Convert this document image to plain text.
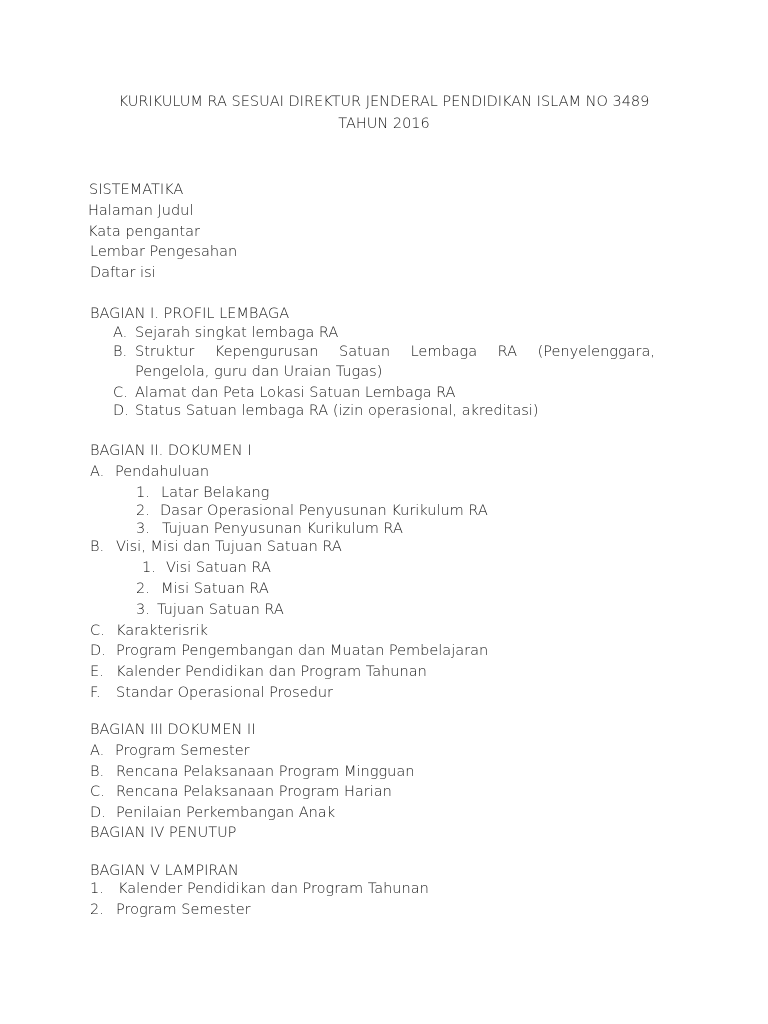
KURIKULUM RA SESUAI DIREKTUR JENDERAL PENDIDIKAN ISLAM NO 3489
TAHUN 2016
SISTEMATIKA
Halaman Judul
Kata pengantar
Lembar Pengesahan
Daftar isi
BAGIAN I. PROFIL LEMBAGA
A. Sejarah singkat lembaga RA
B. Struktur Kepengurusan Satuan Lembaga RA (Penyelenggara,
Pengelola, guru dan Uraian Tugas)
C. Alamat dan Peta Lokasi Satuan Lembaga RA
D. Status Satuan lembaga RA (izin operasional, akreditasi)
BAGIAN II. DOKUMEN I
A. Pendahuluan
1. Latar Belakang
2. Dasar Operasional Penyusunan Kurikulum RA
3. Tujuan Penyusunan Kurikulum RA
B. Visi, Misi dan Tujuan Satuan RA
1. Visi Satuan RA
2. Misi Satuan RA
3. Tujuan Satuan RA
C. Karakterisrik
D. Program Pengembangan dan Muatan Pembelajaran
E. Kalender Pendidikan dan Program Tahunan
F. Standar Operasional Prosedur
BAGIAN III DOKUMEN II
A. Program Semester
B. Rencana Pelaksanaan Program Mingguan
C. Rencana Pelaksanaan Program Harian
D. Penilaian Perkembangan Anak
BAGIAN IV PENUTUP
BAGIAN V LAMPIRAN
1. Kalender Pendidikan dan Program Tahunan
2. Program Semester
